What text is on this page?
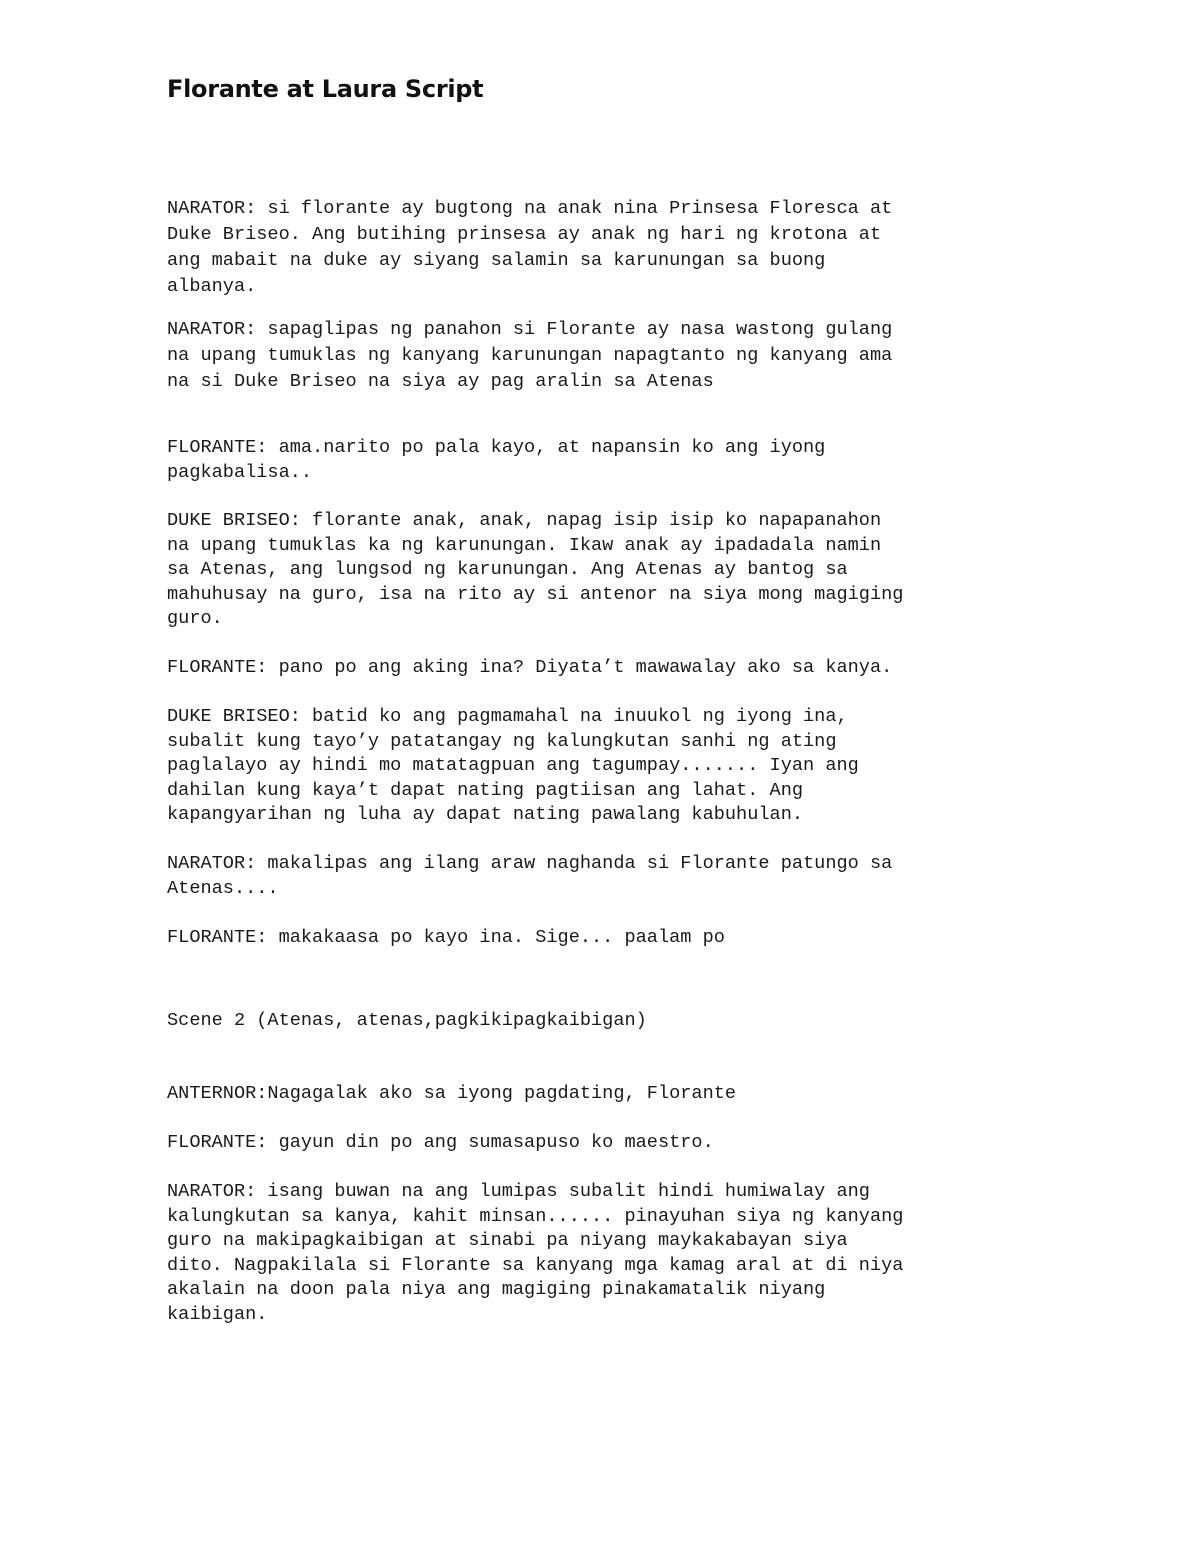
Florante at Laura Script

NARATOR: si florante ay bugtong na anak nina Prinsesa Floresca at
Duke Briseo. Ang butihing prinsesa ay anak ng hari ng krotona at
ang mabait na duke ay siyang salamin sa karunungan sa buong
albanya.

NARATOR: sapaglipas ng panahon si Florante ay nasa wastong gulang
na upang tumuklas ng kanyang karunungan napagtanto ng kanyang ama
na si Duke Briseo na siya ay pag aralin sa Atenas

FLORANTE: ama.narito po pala kayo, at napansin ko ang iyong
pagkabalisa..

DUKE BRISEO: florante anak, anak, napag isip isip ko napapanahon
na upang tumuklas ka ng karunungan. Ikaw anak ay ipadadala namin
sa Atenas, ang lungsod ng karunungan. Ang Atenas ay bantog sa
mahuhusay na guro, isa na rito ay si antenor na siya mong magiging
guro.

FLORANTE: pano po ang aking ina? Diyata’t mawawalay ako sa kanya.

DUKE BRISEO: batid ko ang pagmamahal na inuukol ng iyong ina,
subalit kung tayo’y patatangay ng kalungkutan sanhi ng ating
paglalayo ay hindi mo matatagpuan ang tagumpay....... Iyan ang
dahilan kung kaya’t dapat nating pagtiisan ang lahat. Ang
kapangyarihan ng luha ay dapat nating pawalang kabuhulan.

NARATOR: makalipas ang ilang araw naghanda si Florante patungo sa
Atenas....

FLORANTE: makakaasa po kayo ina. Sige... paalam po

Scene 2 (Atenas, atenas,pagkikipagkaibigan)

ANTERNOR:Nagagalak ako sa iyong pagdating, Florante

FLORANTE: gayun din po ang sumasapuso ko maestro.

NARATOR: isang buwan na ang lumipas subalit hindi humiwalay ang
kalungkutan sa kanya, kahit minsan...... pinayuhan siya ng kanyang
guro na makipagkaibigan at sinabi pa niyang maykakabayan siya
dito. Nagpakilala si Florante sa kanyang mga kamag aral at di niya
akalain na doon pala niya ang magiging pinakamatalik niyang
kaibigan.
